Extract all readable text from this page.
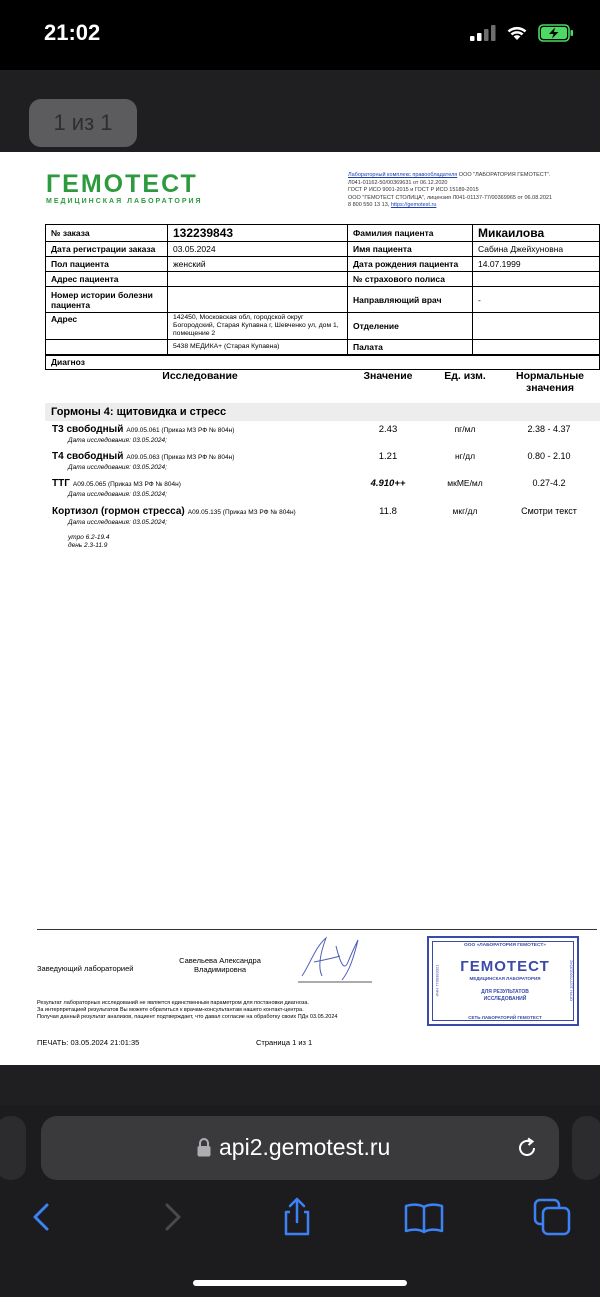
21:02
1 из 1
ГЕМОТЕСТ
МЕДИЦИНСКАЯ ЛАБОРАТОРИЯ
Лабораторный комплекс правообладателя ООО "ЛАБОРАТОРИЯ ГЕМОТЕСТ".
Л041-01162-50/00369631 от 06.12.2020
ГОСТ Р ИСО 9001-2015 и ГОСТ Р ИСО 15189-2015
ООО "ГЕМОТЕСТ СТОЛИЦА", лицензия Л041-01137-77/00369965 от 06.08.2021
8 800 550 13 13, https://gemotest.ru
№ заказа	132239843	Фамилия пациента	Микаилова
Дата регистрации заказа	03.05.2024	Имя пациента	Сабина Джейхуновна
Пол пациента	женский	Дата рождения пациента	14.07.1999
Адрес пациента		№ страхового полиса	
Номер истории болезни пациента		Направляющий врач	-
Адрес	142450, Московская обл, городской округ Богородский, Старая Купавна г, Шевченко ул, дом 1, помещение 2	Отделение	
	5438 МЕДИКА+ (Старая Купавна)	Палата	
Диагноз			
Исследование	Значение	Ед. изм.	Нормальные значения
Гормоны 4: щитовидка и стресс
Т3 свободный A09.05.061 (Приказ МЗ РФ № 804н)
Дата исследования: 03.05.2024;
2.43	пг/мл	2.38 - 4.37
Т4 свободный A09.05.063 (Приказ МЗ РФ № 804н)
Дата исследования: 03.05.2024;
1.21	нг/дл	0.80 - 2.10
ТТГ A09.05.065 (Приказ МЗ РФ № 804н)
Дата исследования: 03.05.2024;
4.910++	мкМЕ/мл	0.27-4.2
Кортизол (гормон стресса) A09.05.135 (Приказ МЗ РФ № 804н)
Дата исследования: 03.05.2024;
11.8	мкг/дл	Смотри текст
утро 6.2-19.4
день 2.3-11.9
Заведующий лабораторией
Савельева Александра
Владимировна
ООО «ЛАБОРАТОРИЯ ГЕМОТЕСТ»
ГЕМОТЕСТ
МЕДИЦИНСКАЯ ЛАБОРАТОРИЯ
ДЛЯ РЕЗУЛЬТАТОВ
ИССЛЕДОВАНИЙ
СЕТЬ ЛАБОРАТОРИЙ ГЕМОТЕСТ
ИНН 7709383321	ОГРН 1027706019542
Результат лабораторных исследований не является единственным параметром для постановки диагноза.
За интерпретацией результатов Вы можете обратиться к врачам-консультантам нашего контакт-центра.
Получая данный результат анализов, пациент подтверждает, что давал согласие на обработку своих ПДн 03.05.2024
ПЕЧАТЬ: 03.05.2024 21:01:35	Страница 1 из 1
api2.gemotest.ru
